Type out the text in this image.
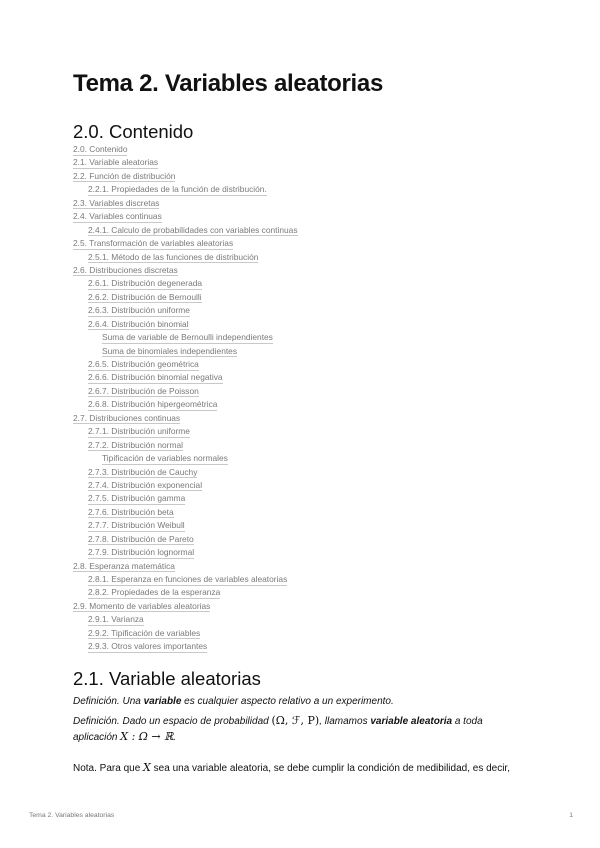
Tema 2. Variables aleatorias
2.0. Contenido
2.0. Contenido
2.1. Variable aleatorias
2.2. Función de distribución
2.2.1. Propiedades de la función de distribución.
2.3. Variables discretas
2.4. Variables continuas
2.4.1. Calculo de probabilidades con variables continuas
2.5. Transformación de variables aleatorias
2.5.1. Método de las funciones de distribución
2.6. Distribuciones discretas
2.6.1. Distribución degenerada
2.6.2. Distribución de Bernoulli
2.6.3. Distribución uniforme
2.6.4. Distribución binomial
Suma de variable de Bernoulli independientes
Suma de binomiales independientes
2.6.5. Distribución geométrica
2.6.6. Distribución binomial negativa
2.6.7. Distribución de Poisson
2.6.8. Distribución hipergeométrica
2.7. Distribuciones continuas
2.7.1. Distribución uniforme
2.7.2. Distribución normal
Tipificación de variables normales
2.7.3. Distribución de Cauchy
2.7.4. Distribución exponencial
2.7.5. Distribución gamma
2.7.6. Distribución beta
2.7.7. Distribución Weibull
2.7.8. Distribución de Pareto
2.7.9. Distribución lognormal
2.8. Esperanza matemática
2.8.1. Esperanza en funciones de variables aleatorias
2.8.2. Propiedades de la esperanza
2.9. Momento de variables aleatorias
2.9.1. Varianza
2.9.2. Tipificación de variables
2.9.3. Otros valores importantes
2.1. Variable aleatorias

Definición. Una variable es cualquier aspecto relativo a un experimento.

Definición. Dado un espacio de probabilidad (Ω, ℱ, P), llamamos variable aleatoria a toda
aplicación X : Ω → ℝ.

Nota. Para que X sea una variable aleatoria, se debe cumplir la condición de medibilidad, es decir,

Tema 2. Variables aleatorias	1
